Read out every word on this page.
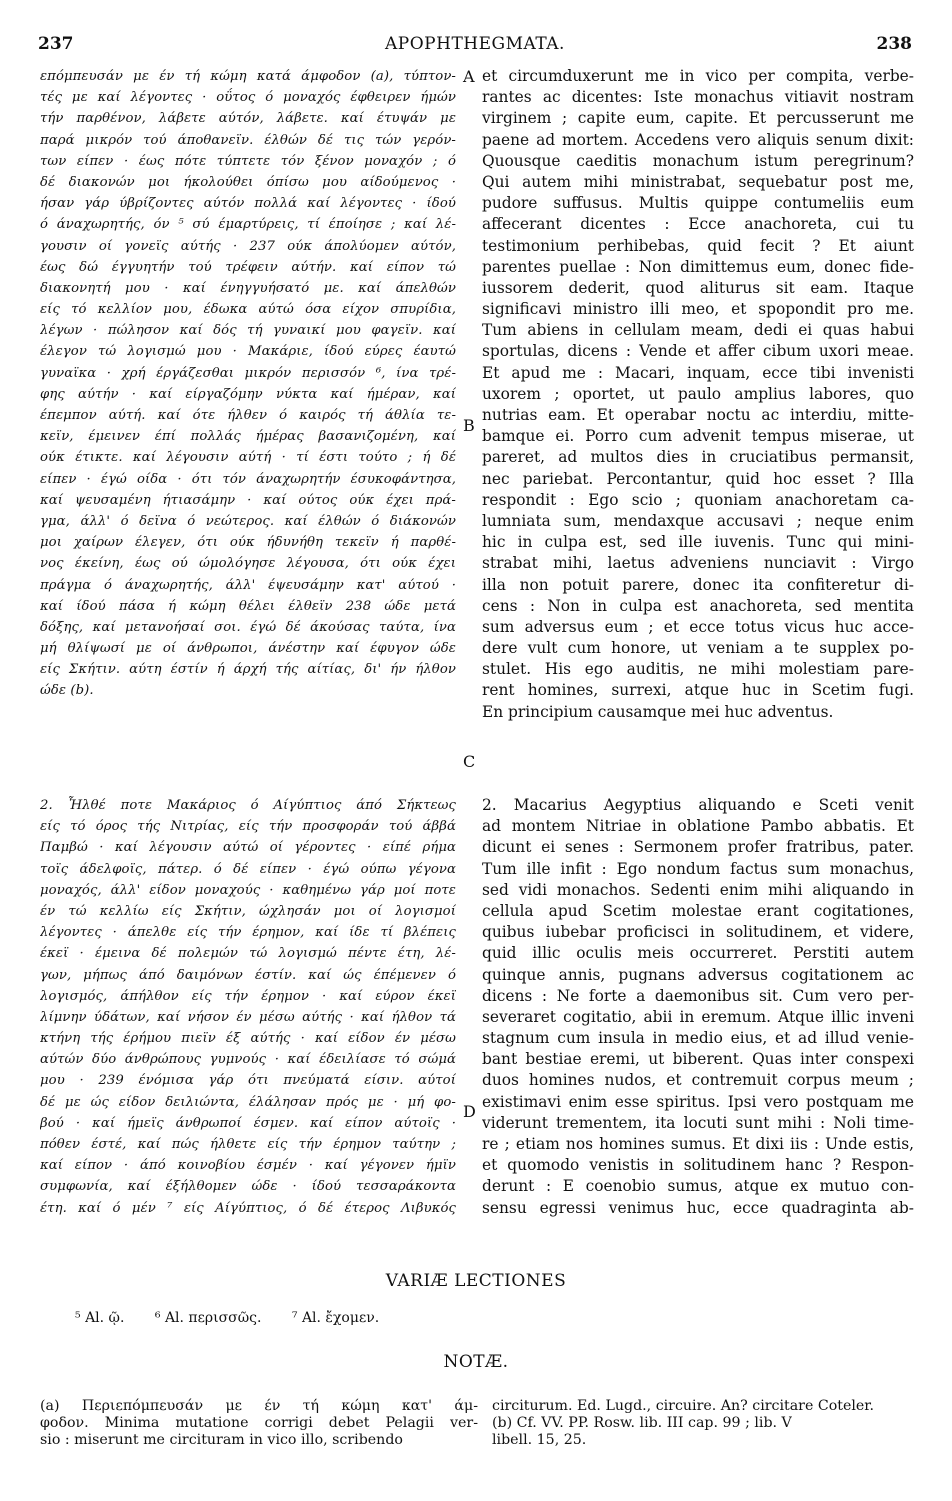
237	APOPHTHEGMATA.	238
επόμπευσάν με έν τή κώμη κατά άμφοδον (a), τύπτον-
τές με καί λέγοντες · οΰτος ό μοναχός έφθειρεν ήμών
τήν παρθένον, λάβετε αύτόν, λάβετε. καί έτυψάν με
παρά μικρόν τού άποθανεϊν. έλθών δέ τις τών γερόν-
των είπεν · έως πότε τύπτετε τόν ξένον μοναχόν ; ό
δέ διακονών μοι ήκολούθει όπίσω μου αίδούμενος ·
ήσαν γάρ ύβρίζοντες αύτόν πολλά καί λέγοντες · ίδού
ό άναχωρητής, όν ⁵ σύ έμαρτύρεις, τί έποίησε ; καί λέ-
γουσιν οί γονεϊς αύτής · 237 ούκ άπολύομεν αύτόν,
έως δώ έγγυητήν τού τρέφειν αύτήν. καί είπον τώ
διακονητή μου · καί ένηγγυήσατό με. καί άπελθών
είς τό κελλίον μου, έδωκα αύτώ όσα είχον σπυρίδια,
λέγων · πώλησον καί δός τή γυναικί μου φαγεϊν. καί
έλεγον τώ λογισμώ μου · Μακάριε, ίδού εύρες έαυτώ
γυναϊκα · χρή έργάζεσθαι μικρόν περισσόν ⁶, ίνα τρέ-
φης αύτήν · καί είργαζόμην νύκτα καί ήμέραν, καί
έπεμπον αύτή. καί ότε ήλθεν ό καιρός τή άθλία τε-
κεϊν, έμεινεν έπί πολλάς ήμέρας βασανιζομένη, καί
ούκ έτικτε. καί λέγουσιν αύτή · τί έστι τούτο ; ή δέ
είπεν · έγώ οίδα · ότι τόν άναχωρητήν έσυκοφάντησα,
καί ψευσαμένη ήτιασάμην · καί ούτος ούκ έχει πρά-
γμα, άλλ' ό δεϊνα ό νεώτερος. καί έλθών ό διάκονών
μοι χαίρων έλεγεν, ότι ούκ ήδυνήθη τεκεϊν ή παρθέ-
νος έκείνη, έως ού ώμολόγησε λέγουσα, ότι ούκ έχει
πράγμα ό άναχωρητής, άλλ' έψευσάμην κατ' αύτού ·
καί ίδού πάσα ή κώμη θέλει έλθεϊν 238 ώδε μετά
δόξης, καί μετανοήσαί σοι. έγώ δέ άκούσας ταύτα, ίνα
μή θλίψωσί με οί άνθρωποι, άνέστην καί έφυγον ώδε
είς Σκήτιν. αύτη έστίν ή άρχή τής αίτίας, δι' ήν ήλθον
ώδε (b).
et circumduxerunt me in vico per compita, verbe-
rantes ac dicentes: Iste monachus vitiavit nostram
virginem ; capite eum, capite. Et percusserunt me
paene ad mortem. Accedens vero aliquis senum dixit:
Quousque caeditis monachum istum peregrinum?
Qui autem mihi ministrabat, sequebatur post me,
pudore suffusus. Multis quippe contumeliis eum
affecerant dicentes : Ecce anachoreta, cui tu
testimonium perhibebas, quid fecit ? Et aiunt
parentes puellae : Non dimittemus eum, donec fide-
iussorem dederit, quod aliturus sit eam. Itaque
significavi ministro illi meo, et spopondit pro me.
Tum abiens in cellulam meam, dedi ei quas habui
sportulas, dicens : Vende et affer cibum uxori meae.
Et apud me : Macari, inquam, ecce tibi invenisti
uxorem ; oportet, ut paulo amplius labores, quo
nutrias eam. Et operabar noctu ac interdiu, mitte-
bamque ei. Porro cum advenit tempus miserae, ut
pareret, ad multos dies in cruciatibus permansit,
nec pariebat. Percontantur, quid hoc esset ? Illa
respondit : Ego scio ; quoniam anachoretam ca-
lumniata sum, mendaxque accusavi ; neque enim
hic in culpa est, sed ille iuvenis. Tunc qui mini-
strabat mihi, laetus adveniens nunciavit : Virgo
illa non potuit parere, donec ita confiteretur di-
cens : Non in culpa est anachoreta, sed mentita
sum adversus eum ; et ecce totus vicus huc acce-
dere vult cum honore, ut veniam a te supplex po-
stulet. His ego auditis, ne mihi molestiam pare-
rent homines, surrexi, atque huc in Scetim fugi.
En principium causamque mei huc adventus.
2. Ἦλθέ ποτε Μακάριος ό Αίγύπτιος άπό Σήκτεως
είς τό όρος τής Νιτρίας, είς τήν προσφοράν τού άββά
Παμβώ · καί λέγουσιν αύτώ οί γέροντες · είπέ ρήμα
τοϊς άδελφοϊς, πάτερ. ό δέ είπεν · έγώ ούπω γέγονα
μοναχός, άλλ' είδον μοναχούς · καθημένω γάρ μοί ποτε
έν τώ κελλίω είς Σκήτιν, ώχλησάν μοι οί λογισμοί
λέγοντες · άπελθε είς τήν έρημον, καί ίδε τί βλέπεις
έκεϊ · έμεινα δέ πολεμών τώ λογισμώ πέντε έτη, λέ-
γων, μήπως άπό δαιμόνων έστίν. καί ώς έπέμενεν ό
λογισμός, άπήλθον είς τήν έρημον · καί εύρον έκεϊ
λίμνην ύδάτων, καί νήσον έν μέσω αύτής · καί ήλθον τά
κτήνη τής έρήμου πιεϊν έξ αύτής · καί είδον έν μέσω
αύτών δύο άνθρώπους γυμνούς · καί έδειλίασε τό σώμά
μου · 239 ένόμισα γάρ ότι πνεύματά είσιν. αύτοί
δέ με ώς είδον δειλιώντα, έλάλησαν πρός με · μή φο-
βού · καί ήμεϊς άνθρωποί έσμεν. καί είπον αύτοϊς ·
πόθεν έστέ, καί πώς ήλθετε είς τήν έρημον ταύτην ;
καί είπον · άπό κοινοβίου έσμέν · καί γέγονεν ήμϊν
συμφωνία, καί έξήλθομεν ώδε · ίδού τεσσαράκοντα
έτη. καί ό μέν ⁷ είς Αίγύπτιος, ό δέ έτερος Λιβυκός
2. Macarius Aegyptius aliquando e Sceti venit
ad montem Nitriae in oblatione Pambo abbatis. Et
dicunt ei senes : Sermonem profer fratribus, pater.
Tum ille infit : Ego nondum factus sum monachus,
sed vidi monachos. Sedenti enim mihi aliquando in
cellula apud Scetim molestae erant cogitationes,
quibus iubebar proficisci in solitudinem, et videre,
quid illic oculis meis occurreret. Perstiti autem
quinque annis, pugnans adversus cogitationem ac
dicens : Ne forte a daemonibus sit. Cum vero per-
severaret cogitatio, abii in eremum. Atque illic inveni
stagnum cum insula in medio eius, et ad illud venie-
bant bestiae eremi, ut biberent. Quas inter conspexi
duos homines nudos, et contremuit corpus meum ;
existimavi enim esse spiritus. Ipsi vero postquam me
viderunt trementem, ita locuti sunt mihi : Noli time-
re ; etiam nos homines sumus. Et dixi iis : Unde estis,
et quomodo venistis in solitudinem hanc ? Respon-
derunt : E coenobio sumus, atque ex mutuo con-
sensu egressi venimus huc, ecce quadraginta ab-
A
B
C
D
VARIÆ LECTIONES
⁵ Al. ῷ. ⁶ Al. περισσῶς. ⁷ Al. ἔχομεν.
NOTÆ.
(a) Περιεπόμπευσάν με έν τή κώμη κατ' άμ-
φοδον. Minima mutatione corrigi debet Pelagii ver-
sio : miserunt me circituram in vico illo, scribendo
circiturum. Ed. Lugd., circuire. An? circitare Coteler.
(b) Cf. VV. PP. Rosw. lib. III cap. 99 ; lib. V
libell. 15, 25.
